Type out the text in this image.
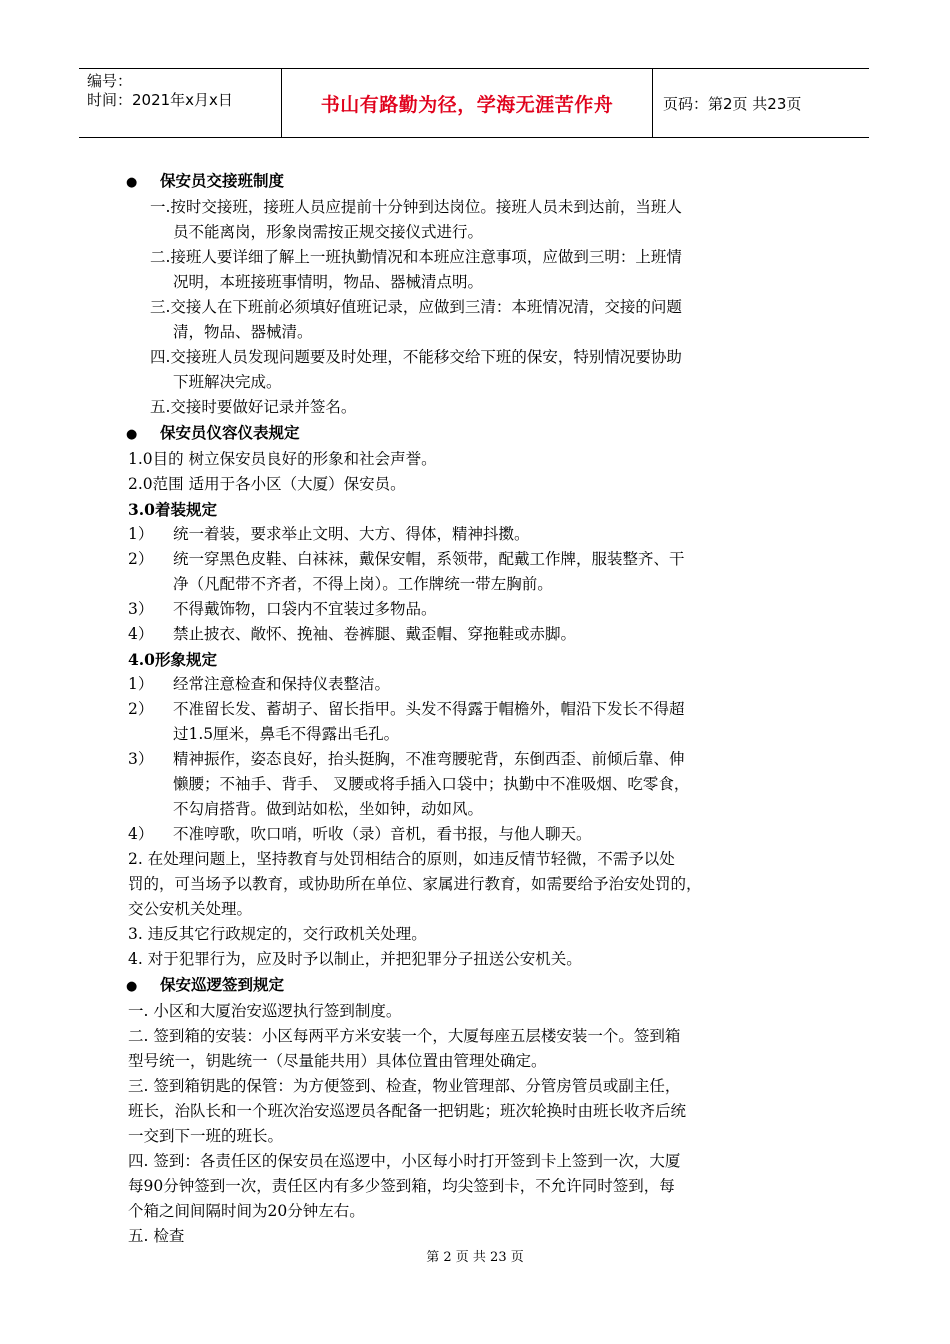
编号：
时间：2021年x月x日	书山有路勤为径，学海无涯苦作舟	页码：第2页 共23页
● 保安员交接班制度
一.按时交接班，接班人员应提前十分钟到达岗位。接班人员未到达前，当班人
员不能离岗，形象岗需按正规交接仪式进行。
二.接班人要详细了解上一班执勤情况和本班应注意事项，应做到三明：上班情
况明，本班接班事情明，物品、器械清点明。
三.交接人在下班前必须填好值班记录，应做到三清：本班情况清，交接的问题
清，物品、器械清。
四.交接班人员发现问题要及时处理，不能移交给下班的保安，特别情况要协助
下班解决完成。
五.交接时要做好记录并签名。
● 保安员仪容仪表规定
1.0目的 树立保安员良好的形象和社会声誉。
2.0范围 适用于各小区（大厦）保安员。
3.0着装规定
1） 统一着装，要求举止文明、大方、得体，精神抖擞。
2） 统一穿黑色皮鞋、白袜袜，戴保安帽，系领带，配戴工作牌，服装整齐、干
净（凡配带不齐者，不得上岗）。工作牌统一带左胸前。
3） 不得戴饰物，口袋内不宜装过多物品。
4） 禁止披衣、敞怀、挽袖、卷裤腿、戴歪帽、穿拖鞋或赤脚。
4.0形象规定
1） 经常注意检查和保持仪表整洁。
2） 不准留长发、蓄胡子、留长指甲。头发不得露于帽檐外，帽沿下发长不得超
过1.5厘米，鼻毛不得露出毛孔。
3） 精神振作，姿态良好，抬头挺胸，不准弯腰驼背，东倒西歪、前倾后靠、伸
懒腰；不袖手、背手、 叉腰或将手插入口袋中；执勤中不准吸烟、吃零食，
不勾肩搭背。做到站如松，坐如钟，动如风。
4） 不准哼歌，吹口哨，听收（录）音机，看书报，与他人聊天。
2. 在处理问题上，坚持教育与处罚相结合的原则，如违反情节轻微，不需予以处
罚的，可当场予以教育，或协助所在单位、家属进行教育，如需要给予治安处罚的，
交公安机关处理。
3. 违反其它行政规定的，交行政机关处理。
4. 对于犯罪行为，应及时予以制止，并把犯罪分子扭送公安机关。
● 保安巡逻签到规定
一. 小区和大厦治安巡逻执行签到制度。
二. 签到箱的安装：小区每两平方米安装一个，大厦每座五层楼安装一个。签到箱
型号统一，钥匙统一（尽量能共用）具体位置由管理处确定。
三. 签到箱钥匙的保管：为方便签到、检查，物业管理部、分管房管员或副主任，
班长，治队长和一个班次治安巡逻员各配备一把钥匙；班次轮换时由班长收齐后统
一交到下一班的班长。
四. 签到：各责任区的保安员在巡逻中，小区每小时打开签到卡上签到一次，大厦
每90分钟签到一次，责任区内有多少签到箱，均尖签到卡，不允许同时签到，每
个箱之间间隔时间为20分钟左右。
五. 检查
第 2 页 共 23 页
